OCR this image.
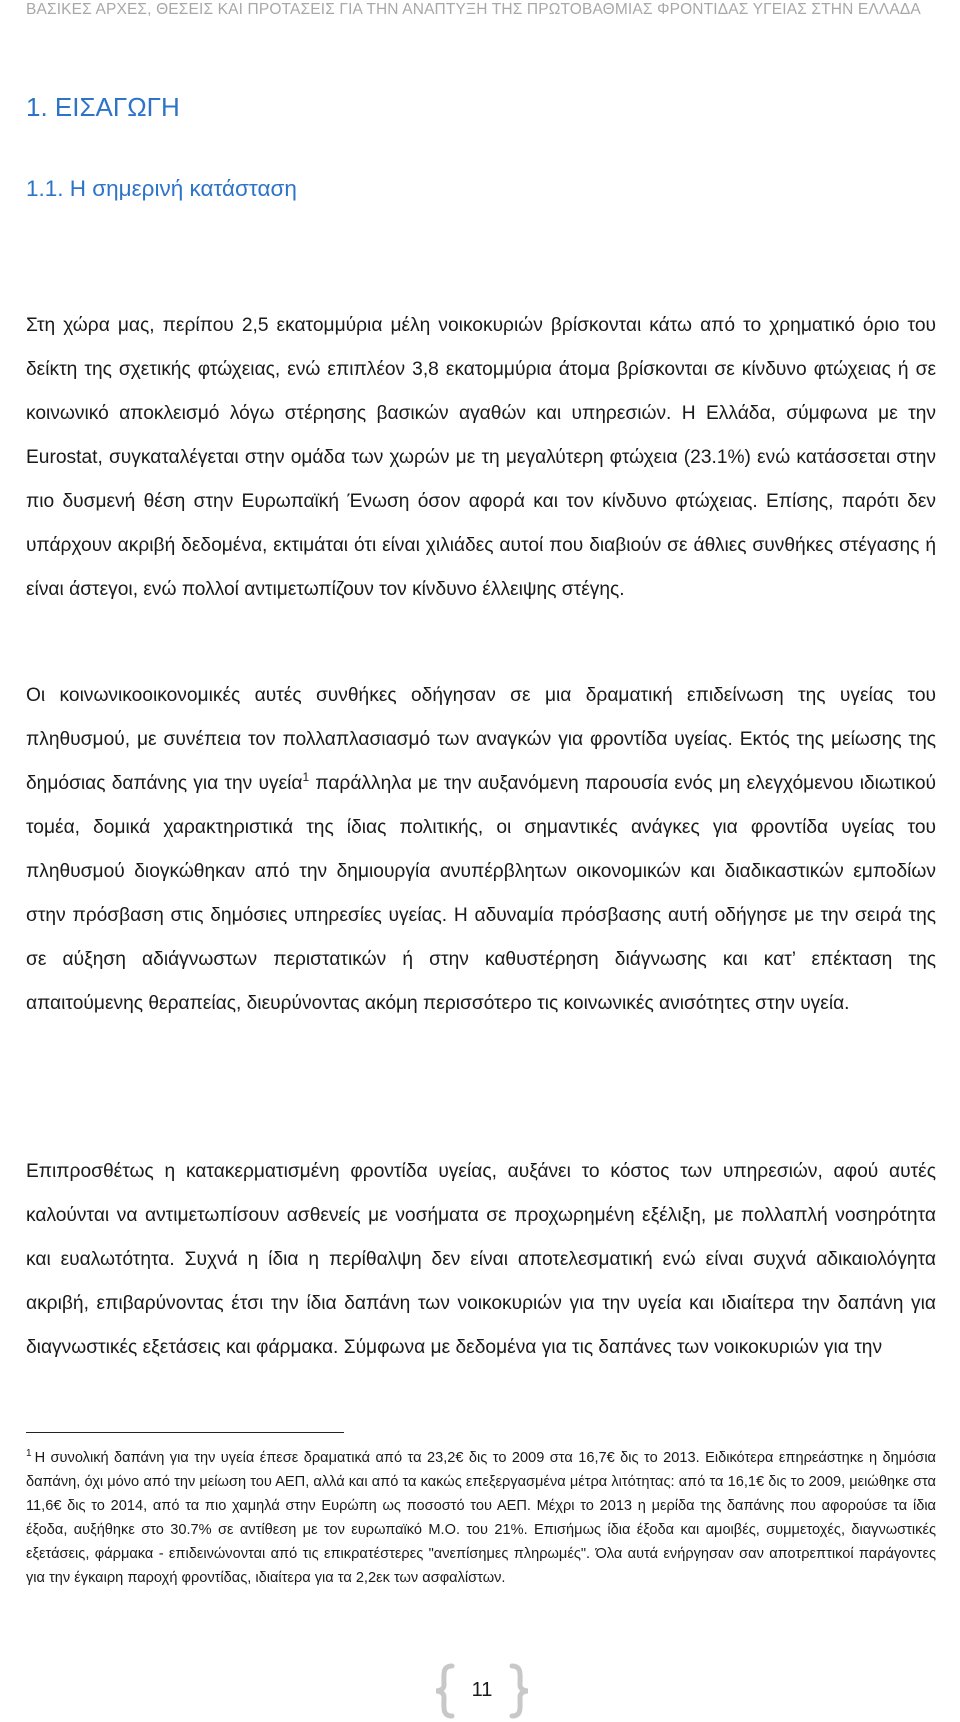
ΒΑΣΙΚΕΣ ΑΡΧΕΣ, ΘΕΣΕΙΣ ΚΑΙ ΠΡΟΤΑΣΕΙΣ ΓΙΑ ΤΗΝ ΑΝΑΠΤΥΞΗ ΤΗΣ ΠΡΩΤΟΒΑΘΜΙΑΣ ΦΡΟΝΤΙΔΑΣ ΥΓΕΙΑΣ ΣΤΗΝ ΕΛΛΑΔΑ
1. ΕΙΣΑΓΩΓΗ
1.1. Η σημερινή κατάσταση

Στη χώρα μας, περίπου 2,5 εκατομμύρια μέλη νοικοκυριών βρίσκονται κάτω από το χρηματικό όριο του δείκτη της σχετικής φτώχειας, ενώ επιπλέον 3,8 εκατομμύρια άτομα βρίσκονται σε κίνδυνο φτώχειας ή σε κοινωνικό αποκλεισμό λόγω στέρησης βασικών αγαθών και υπηρεσιών. Η Ελλάδα, σύμφωνα με την Eurostat, συγκαταλέγεται στην ομάδα των χωρών με τη μεγαλύτερη φτώχεια (23.1%) ενώ κατάσσεται στην πιο δυσμενή θέση στην Ευρωπαϊκή Ένωση όσον αφορά και τον κίνδυνο φτώχειας. Επίσης, παρότι δεν υπάρχουν ακριβή δεδομένα, εκτιμάται ότι είναι χιλιάδες αυτοί που διαβιούν σε άθλιες συνθήκες στέγασης ή είναι άστεγοι, ενώ πολλοί αντιμετωπίζουν τον κίνδυνο έλλειψης στέγης.

Οι κοινωνικοοικονομικές αυτές συνθήκες οδήγησαν σε μια δραματική επιδείνωση της υγείας του πληθυσμού, με συνέπεια τον πολλαπλασιασμό των αναγκών για φροντίδα υγείας. Εκτός της μείωσης της δημόσιας δαπάνης για την υγεία$^1$ παράλληλα με την αυξανόμενη παρουσία ενός μη ελεγχόμενου ιδιωτικού τομέα, δομικά χαρακτηριστικά της ίδιας πολιτικής, οι σημαντικές ανάγκες για φροντίδα υγείας του πληθυσμού διογκώθηκαν από την δημιουργία ανυπέρβλητων οικονομικών και διαδικαστικών εμποδίων στην πρόσβαση στις δημόσιες υπηρεσίες υγείας. Η αδυναμία πρόσβασης αυτή οδήγησε με την σειρά της σε αύξηση αδιάγνωστων περιστατικών ή στην καθυστέρηση διάγνωσης και κατ’ επέκταση της απαιτούμενης θεραπείας, διευρύνοντας ακόμη περισσότερο τις κοινωνικές ανισότητες στην υγεία.

Επιπροσθέτως η κατακερματισμένη φροντίδα υγείας, αυξάνει το κόστος των υπηρεσιών, αφού αυτές καλούνται να αντιμετωπίσουν ασθενείς με νοσήματα σε προχωρημένη εξέλιξη, με πολλαπλή νοσηρότητα και ευαλωτότητα. Συχνά η ίδια η περίθαλψη δεν είναι αποτελεσματική ενώ είναι συχνά αδικαιολόγητα ακριβή, επιβαρύνοντας έτσι την ίδια δαπάνη των νοικοκυριών για την υγεία και ιδιαίτερα την δαπάνη για διαγνωστικές εξετάσεις και φάρμακα. Σύμφωνα με δεδομένα για τις δαπάνες των νοικοκυριών για την

$^1$ Η συνολική δαπάνη για την υγεία έπεσε δραματικά από τα 23,2€ δις το 2009 στα 16,7€ δις το 2013. Ειδικότερα επηρεάστηκε η δημόσια δαπάνη, όχι μόνο από την μείωση του ΑΕΠ, αλλά και από τα κακώς επεξεργασμένα μέτρα λιτότητας: από τα 16,1€ δις το 2009, μειώθηκε στα 11,6€ δις το 2014, από τα πιο χαμηλά στην Ευρώπη ως ποσοστό του ΑΕΠ. Μέχρι το 2013 η μερίδα της δαπάνης που αφορούσε τα ίδια έξοδα, αυξήθηκε στο 30.7% σε αντίθεση με τον ευρωπαϊκό Μ.Ο. του 21%. Επισήμως ίδια έξοδα και αμοιβές, συμμετοχές, διαγνωστικές εξετάσεις, φάρμακα - επιδεινώνονται από τις επικρατέστερες "ανεπίσημες πληρωμές". Όλα αυτά ενήργησαν σαν αποτρεπτικοί παράγοντες για την έγκαιρη παροχή φροντίδας, ιδιαίτερα για τα 2,2εκ των ασφαλίστων.

11
